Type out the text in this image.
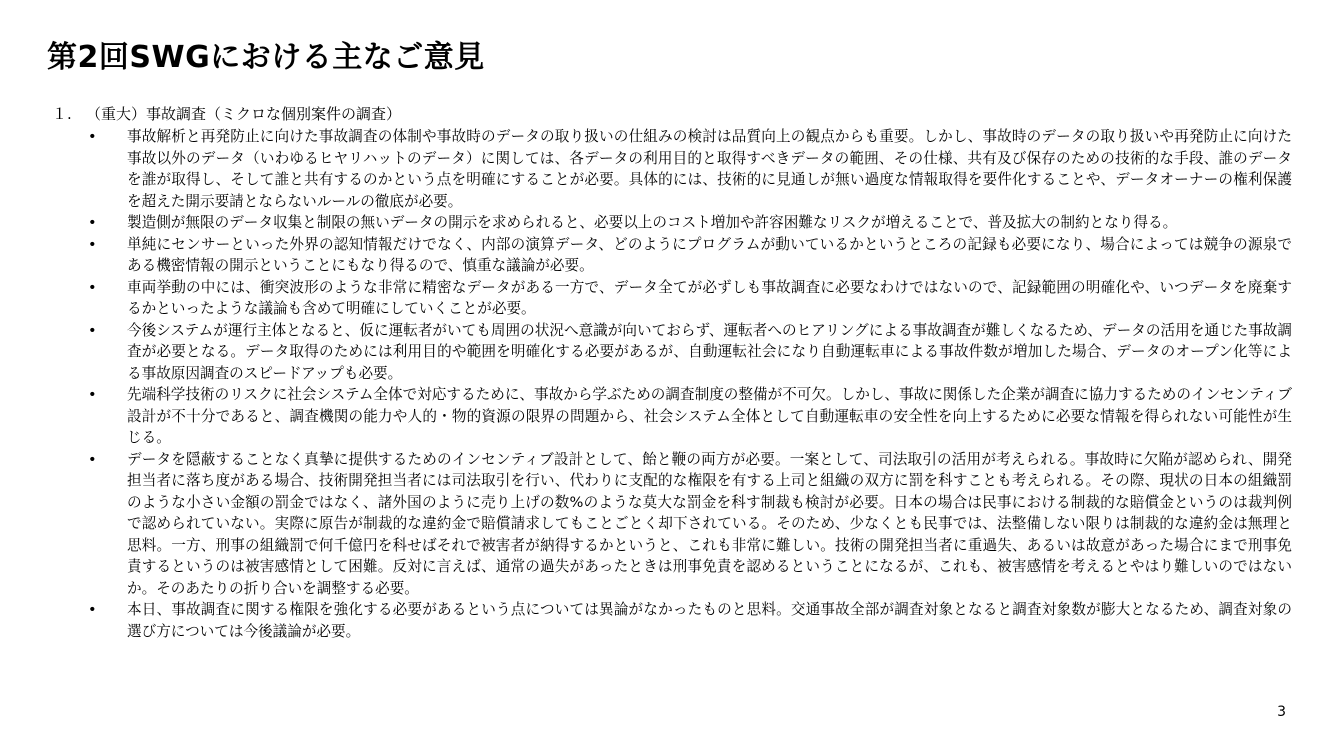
第2回SWGにおける主なご意見
１. （重大）事故調査（ミクロな個別案件の調査）
• 事故解析と再発防止に向けた事故調査の体制や事故時のデータの取り扱いの仕組みの検討は品質向上の観点からも重要。しかし、事故時のデータの取り扱いや再発防止に向けた事故以外のデータ（いわゆるヒヤリハットのデータ）に関しては、各データの利用目的と取得すべきデータの範囲、その仕様、共有及び保存のための技術的な手段、誰のデータを誰が取得し、そして誰と共有するのかという点を明確にすることが必要。具体的には、技術的に見通しが無い過度な情報取得を要件化することや、データオーナーの権利保護を超えた開示要請とならないルールの徹底が必要。
• 製造側が無限のデータ収集と制限の無いデータの開示を求められると、必要以上のコスト増加や許容困難なリスクが増えることで、普及拡大の制約となり得る。
• 単純にセンサーといった外界の認知情報だけでなく、内部の演算データ、どのようにプログラムが動いているかというところの記録も必要になり、場合によっては競争の源泉である機密情報の開示ということにもなり得るので、慎重な議論が必要。
• 車両挙動の中には、衝突波形のような非常に精密なデータがある一方で、データ全てが必ずしも事故調査に必要なわけではないので、記録範囲の明確化や、いつデータを廃棄するかといったような議論も含めて明確にしていくことが必要。
• 今後システムが運行主体となると、仮に運転者がいても周囲の状況へ意識が向いておらず、運転者へのヒアリングによる事故調査が難しくなるため、データの活用を通じた事故調査が必要となる。データ取得のためには利用目的や範囲を明確化する必要があるが、自動運転社会になり自動運転車による事故件数が増加した場合、データのオープン化等による事故原因調査のスピードアップも必要。
• 先端科学技術のリスクに社会システム全体で対応するために、事故から学ぶための調査制度の整備が不可欠。しかし、事故に関係した企業が調査に協力するためのインセンティブ設計が不十分であると、調査機関の能力や人的・物的資源の限界の問題から、社会システム全体として自動運転車の安全性を向上するために必要な情報を得られない可能性が生じる。
• データを隠蔽することなく真摯に提供するためのインセンティブ設計として、飴と鞭の両方が必要。一案として、司法取引の活用が考えられる。事故時に欠陥が認められ、開発担当者に落ち度がある場合、技術開発担当者には司法取引を行い、代わりに支配的な権限を有する上司と組織の双方に罰を科すことも考えられる。その際、現状の日本の組織罰のような小さい金額の罰金ではなく、諸外国のように売り上げの数%のような莫大な罰金を科す制裁も検討が必要。日本の場合は民事における制裁的な賠償金というのは裁判例で認められていない。実際に原告が制裁的な違約金で賠償請求してもことごとく却下されている。そのため、少なくとも民事では、法整備しない限りは制裁的な違約金は無理と思料。一方、刑事の組織罰で何千億円を科せばそれで被害者が納得するかというと、これも非常に難しい。技術の開発担当者に重過失、あるいは故意があった場合にまで刑事免責するというのは被害感情として困難。反対に言えば、通常の過失があったときは刑事免責を認めるということになるが、これも、被害感情を考えるとやはり難しいのではないか。そのあたりの折り合いを調整する必要。
• 本日、事故調査に関する権限を強化する必要があるという点については異論がなかったものと思料。交通事故全部が調査対象となると調査対象数が膨大となるため、調査対象の選び方については今後議論が必要。
3
